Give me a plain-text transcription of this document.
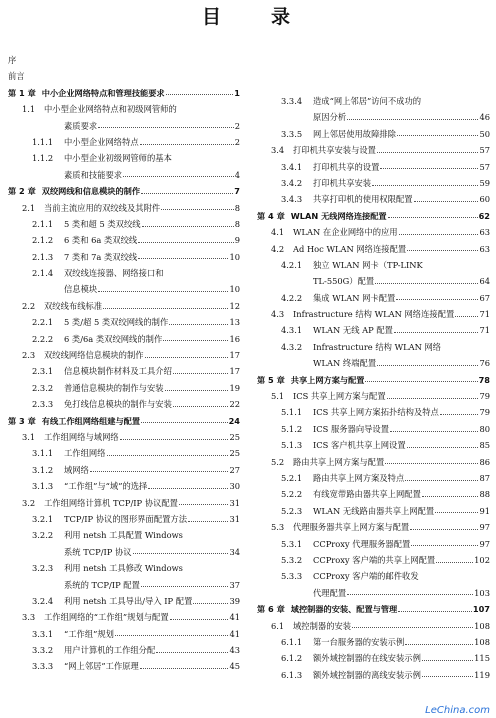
目　　录
序
前言
第 1 章 中小企业网络特点和管理技能要求	1
1.1	中小型企业网络特点和初级网管师的
素质要求	2
1.1.1	中小型企业网络特点	2
1.1.2	中小型企业初级网管师的基本
素质和技能要求	4
第 2 章 双绞网线和信息模块的制作	7
2.1	当前主流应用的双绞线及其附件	8
2.1.1	5 类和超 5 类双绞线	8
2.1.2	6 类和 6a 类双绞线	9
2.1.3	7 类和 7a 类双绞线	10
2.1.4	双绞线连接器、网络接口和
信息模块	10
2.2	双绞线布线标准	12
2.2.1	5 类/超 5 类双绞网线的制作	13
2.2.2	6 类/6a 类双绞网线的制作	16
2.3	双绞线网络信息模块的制作	17
2.3.1	信息模块制作材料及工具介绍	17
2.3.2	普通信息模块的制作与安装	19
2.3.3	免打线信息模块的制作与安装	22
第 3 章 有线工作组网络组建与配置	24
3.1	工作组网络与域网络	25
3.1.1	工作组网络	25
3.1.2	域网络	27
3.1.3	“工作组”与“域”的选择	30
3.2	工作组网络计算机 TCP/IP 协议配置	31
3.2.1	TCP/IP 协议的图形界面配置方法	31
3.2.2	利用 netsh 工具配置 Windows
系统 TCP/IP 协议	34
3.2.3	利用 netsh 工具修改 Windows
系统的 TCP/IP 配置	37
3.2.4	利用 netsh 工具导出/导入 IP 配置	39
3.3	工作组网络的“工作组”规划与配置	41
3.3.1	“工作组”规划	41
3.3.2	用户计算机的工作组分配	43
3.3.3	“网上邻居”工作原理	45
3.3.4	造成“网上邻居”访问不成功的
原因分析	46
3.3.5	网上邻居使用故障排除	50
3.4	打印机共享安装与设置	57
3.4.1	打印机共享的设置	57
3.4.2	打印机共享安装	59
3.4.3	共享打印机的使用权限配置	60
第 4 章 WLAN 无线网络连接配置	62
4.1	WLAN 在企业网络中的应用	63
4.2	Ad Hoc WLAN 网络连接配置	63
4.2.1	独立 WLAN 网卡（TP-LINK
TL-550G）配置	64
4.2.2	集成 WLAN 网卡配置	67
4.3	Infrastructure 结构 WLAN 网络连接配置	71
4.3.1	WLAN 无线 AP 配置	71
4.3.2	Infrastructure 结构 WLAN 网络
WLAN 终端配置	76
第 5 章 共享上网方案与配置	78
5.1	ICS 共享上网方案与配置	79
5.1.1	ICS 共享上网方案拓扑结构及特点	79
5.1.2	ICS 服务器向导设置	80
5.1.3	ICS 客户机共享上网设置	85
5.2	路由共享上网方案与配置	86
5.2.1	路由共享上网方案及特点	87
5.2.2	有线宽带路由器共享上网配置	88
5.2.3	WLAN 无线路由器共享上网配置	91
5.3	代理服务器共享上网方案与配置	97
5.3.1	CCProxy 代理服务器配置	97
5.3.2	CCProxy 客户端的共享上网配置	102
5.3.3	CCProxy 客户端的邮件收发
代理配置	103
第 6 章 域控制器的安装、配置与管理	107
6.1	域控制器的安装	108
6.1.1	第一台服务器的安装示例	108
6.1.2	额外域控制器的在线安装示例	115
6.1.3	额外域控制器的离线安装示例	119
LeChina.com
